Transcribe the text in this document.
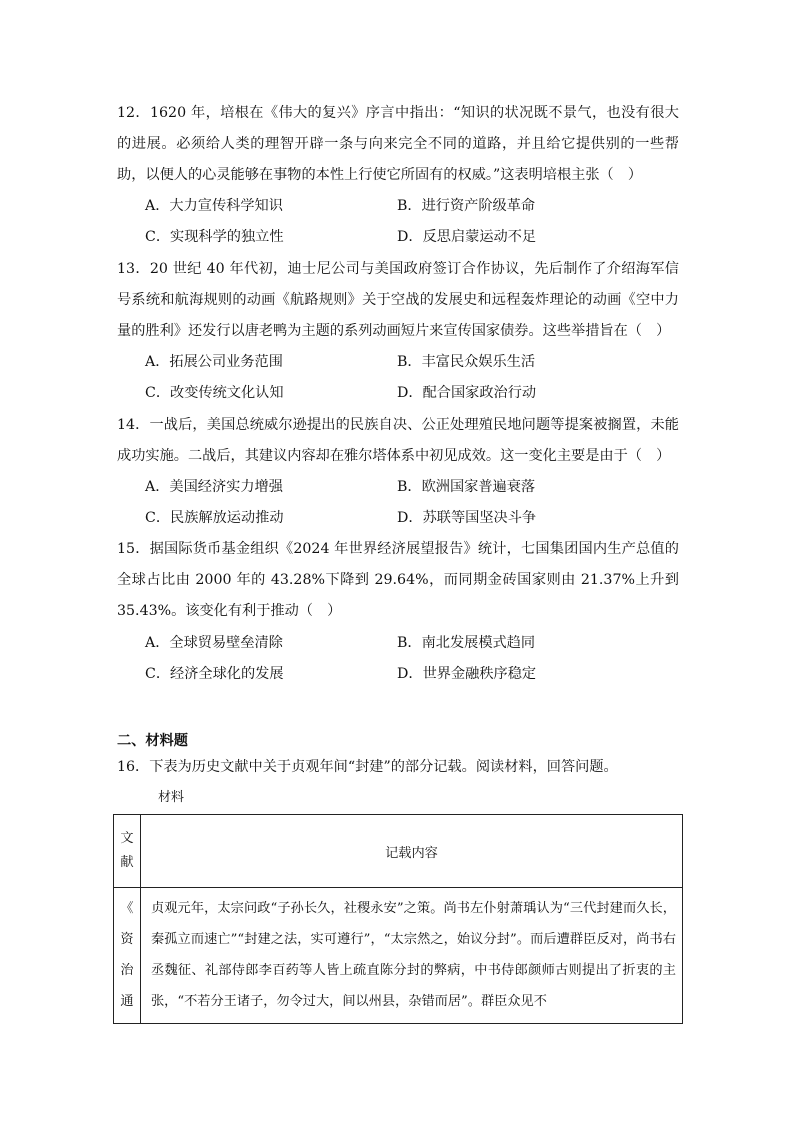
12．1620 年，培根在《伟大的复兴》序言中指出：“知识的状况既不景气，也没有很大的进展。必须给人类的理智开辟一条与向来完全不同的道路，并且给它提供别的一些帮助，以便人的心灵能够在事物的本性上行使它所固有的权威。”这表明培根主张（　）
A．大力宣传科学知识	B．进行资产阶级革命
C．实现科学的独立性	D．反思启蒙运动不足
13．20 世纪 40 年代初，迪士尼公司与美国政府签订合作协议，先后制作了介绍海军信号系统和航海规则的动画《航路规则》关于空战的发展史和远程轰炸理论的动画《空中力量的胜利》还发行以唐老鸭为主题的系列动画短片来宣传国家债券。这些举措旨在（　）
A．拓展公司业务范围	B．丰富民众娱乐生活
C．改变传统文化认知	D．配合国家政治行动
14．一战后，美国总统威尔逊提出的民族自决、公正处理殖民地问题等提案被搁置，未能成功实施。二战后，其建议内容却在雅尔塔体系中初见成效。这一变化主要是由于（　）
A．美国经济实力增强	B．欧洲国家普遍衰落
C．民族解放运动推动	D．苏联等国坚决斗争
15．据国际货币基金组织《2024 年世界经济展望报告》统计，七国集团国内生产总值的全球占比由 2000 年的 43.28%下降到 29.64%，而同期金砖国家则由 21.37%上升到 35.43%。该变化有利于推动（　）
A．全球贸易壁垒清除	B．南北发展模式趋同
C．经济全球化的发展	D．世界金融秩序稳定
二、材料题
16．下表为历史文献中关于贞观年间“封建”的部分记载。阅读材料，回答问题。
材料
文
献	记载内容

《
资
治
通	贞观元年，太宗问政“子孙长久，社稷永安”之策。尚书左仆射萧瑀认为“三代封建而久长，秦孤立而速亡”“封建之法，实可遵行”，“太宗然之，始议分封”。而后遭群臣反对，尚书右丞魏征、礼部侍郎李百药等人皆上疏直陈分封的弊病，中书侍郎颜师古则提出了折衷的主张，“不若分王诸子，勿令过大，间以州县，杂错而居”。群臣众见不
